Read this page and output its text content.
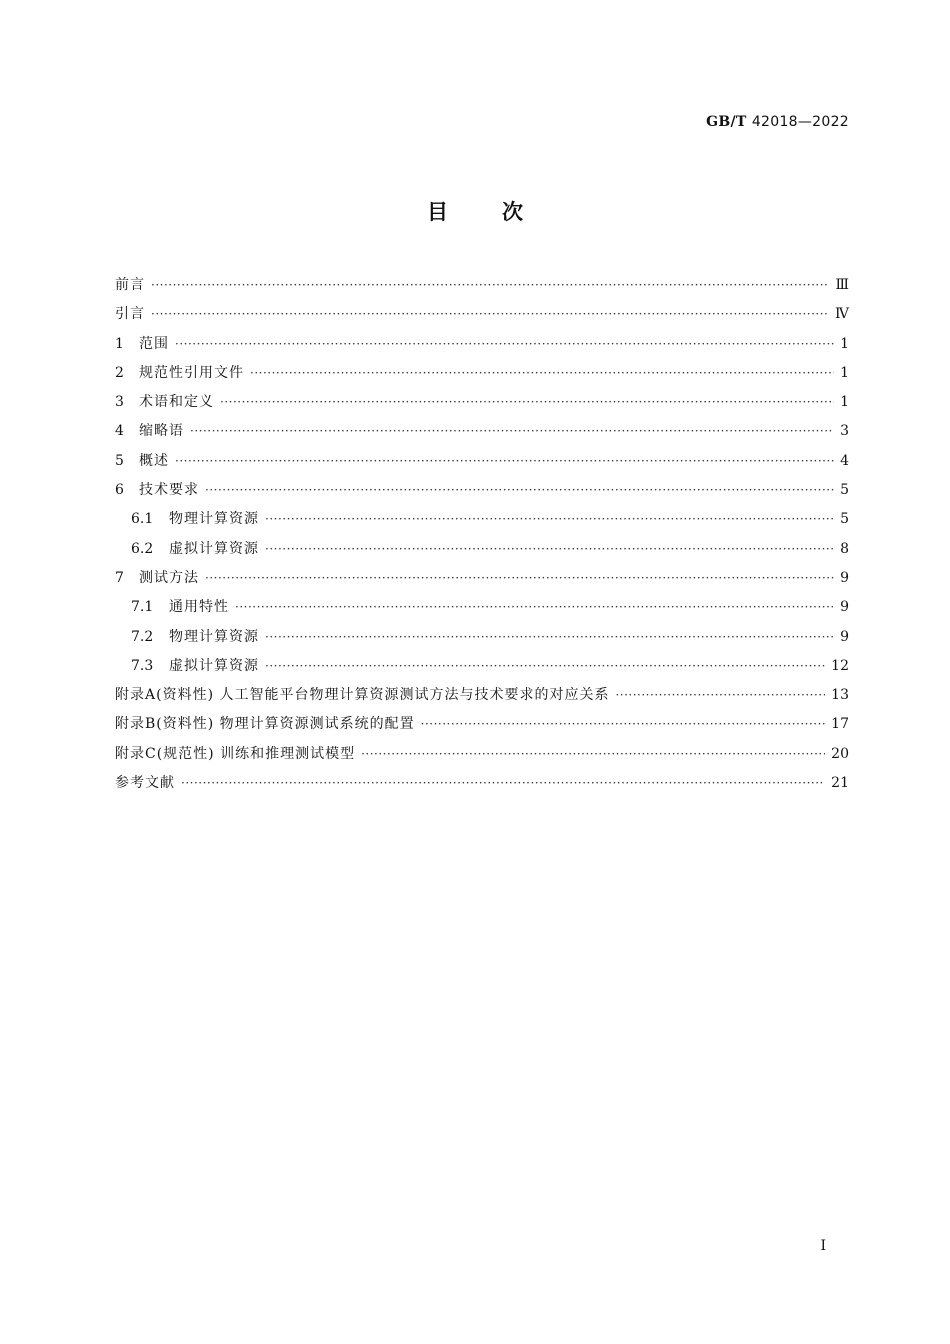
GB/T 42018—2022
目次
前言 ·····	Ⅲ
引言 ·····	Ⅳ
1	范围 ·····	1
2	规范性引用文件 ·····	1
3	术语和定义 ·····	1
4	缩略语 ·····	3
5	概述 ·····	4
6	技术要求 ·····	5
6.1	物理计算资源 ·····	5
6.2	虚拟计算资源 ·····	8
7	测试方法 ·····	9
7.1	通用特性 ·····	9
7.2	物理计算资源 ·····	9
7.3	虚拟计算资源 ·····	12
附录A(资料性) 人工智能平台物理计算资源测试方法与技术要求的对应关系 ·····	13
附录B(资料性) 物理计算资源测试系统的配置 ·····	17
附录C(规范性) 训练和推理测试模型 ·····	20
参考文献 ·····	21
I
